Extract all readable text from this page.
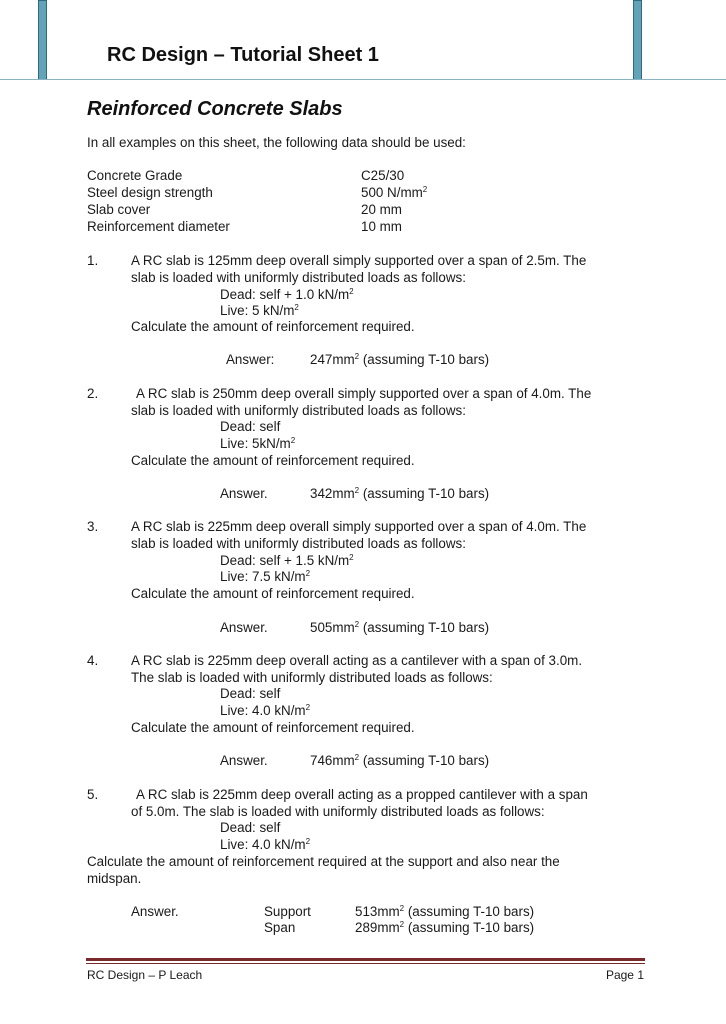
RC Design – Tutorial Sheet 1
Reinforced Concrete Slabs
In all examples on this sheet, the following data should be used:
Concrete Grade	C25/30
Steel design strength	500 $N/mm^2$
Slab cover	20 mm
Reinforcement diameter	10 mm
1. A RC slab is 125mm deep overall simply supported over a span of 2.5m. The
slab is loaded with uniformly distributed loads as follows:
Dead: self + 1.0 $kN/m^2$
Live: 5 $kN/m^2$
Calculate the amount of reinforcement required.
Answer:	$247mm^2$ (assuming T-10 bars)
2.	A RC slab is 250mm deep overall simply supported over a span of 4.0m. The
slab is loaded with uniformly distributed loads as follows:
Dead: self
Live: $5kN/m^2$
Calculate the amount of reinforcement required.
Answer.	$342mm^2$ (assuming T-10 bars)
3. A RC slab is 225mm deep overall simply supported over a span of 4.0m. The
slab is loaded with uniformly distributed loads as follows:
Dead: self + 1.5 $kN/m^2$
Live: 7.5 $kN/m^2$
Calculate the amount of reinforcement required.
Answer.	$505mm^2$ (assuming T-10 bars)
4. A RC slab is 225mm deep overall acting as a cantilever with a span of 3.0m.
The slab is loaded with uniformly distributed loads as follows:
Dead: self
Live: 4.0 $kN/m^2$
Calculate the amount of reinforcement required.
Answer.	$746mm^2$ (assuming T-10 bars)
5.	A RC slab is 225mm deep overall acting as a propped cantilever with a span
of 5.0m. The slab is loaded with uniformly distributed loads as follows:
Dead: self
Live: 4.0 $kN/m^2$
Calculate the amount of reinforcement required at the support and also near the
midspan.
Answer.	Support	$513mm^2$ (assuming T-10 bars)
Span	$289mm^2$ (assuming T-10 bars)
RC Design – P Leach	Page 1
